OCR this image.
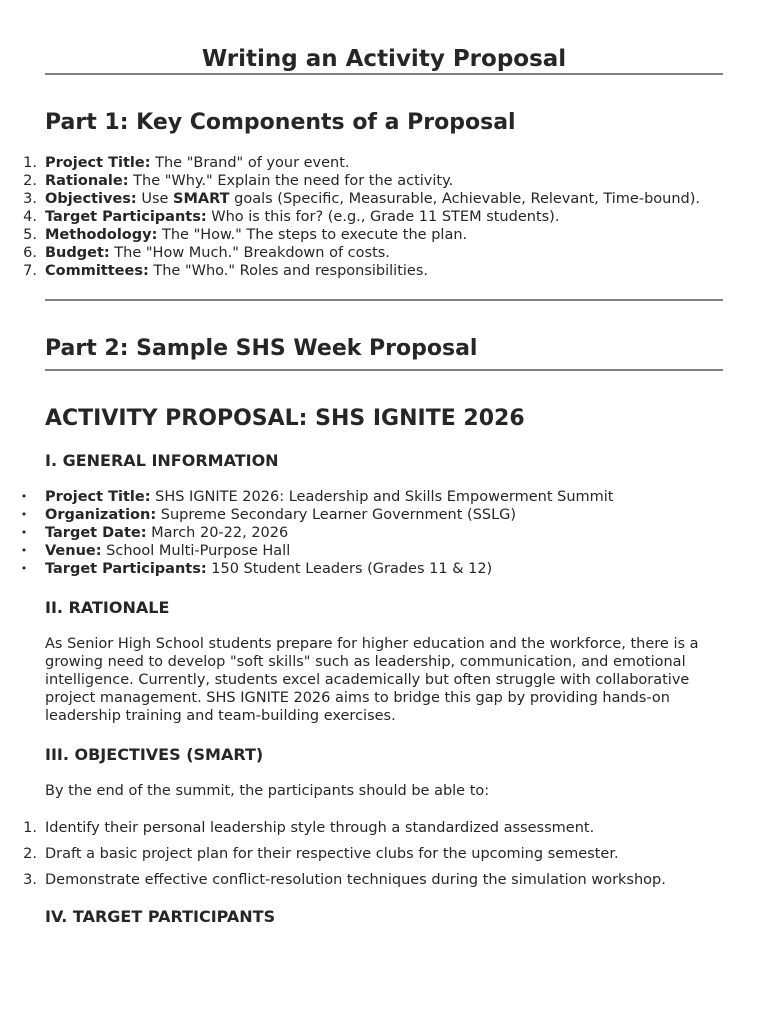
Writing an Activity Proposal
Part 1: Key Components of a Proposal
1. Project Title: The "Brand" of your event.
2. Rationale: The "Why." Explain the need for the activity.
3. Objectives: Use SMART goals (Specific, Measurable, Achievable, Relevant, Time-bound).
4. Target Participants: Who is this for? (e.g., Grade 11 STEM students).
5. Methodology: The "How." The steps to execute the plan.
6. Budget: The "How Much." Breakdown of costs.
7. Committees: The "Who." Roles and responsibilities.
Part 2: Sample SHS Week Proposal
ACTIVITY PROPOSAL: SHS IGNITE 2026
I. GENERAL INFORMATION
• Project Title: SHS IGNITE 2026: Leadership and Skills Empowerment Summit
• Organization: Supreme Secondary Learner Government (SSLG)
• Target Date: March 20-22, 2026
• Venue: School Multi-Purpose Hall
• Target Participants: 150 Student Leaders (Grades 11 & 12)
II. RATIONALE

As Senior High School students prepare for higher education and the workforce, there is a growing need to develop "soft skills" such as leadership, communication, and emotional intelligence. Currently, students excel academically but often struggle with collaborative project management. SHS IGNITE 2026 aims to bridge this gap by providing hands-on leadership training and team-building exercises.

III. OBJECTIVES (SMART)

By the end of the summit, the participants should be able to:

1. Identify their personal leadership style through a standardized assessment.
2. Draft a basic project plan for their respective clubs for the upcoming semester.
3. Demonstrate effective conflict-resolution techniques during the simulation workshop.
IV. TARGET PARTICIPANTS
